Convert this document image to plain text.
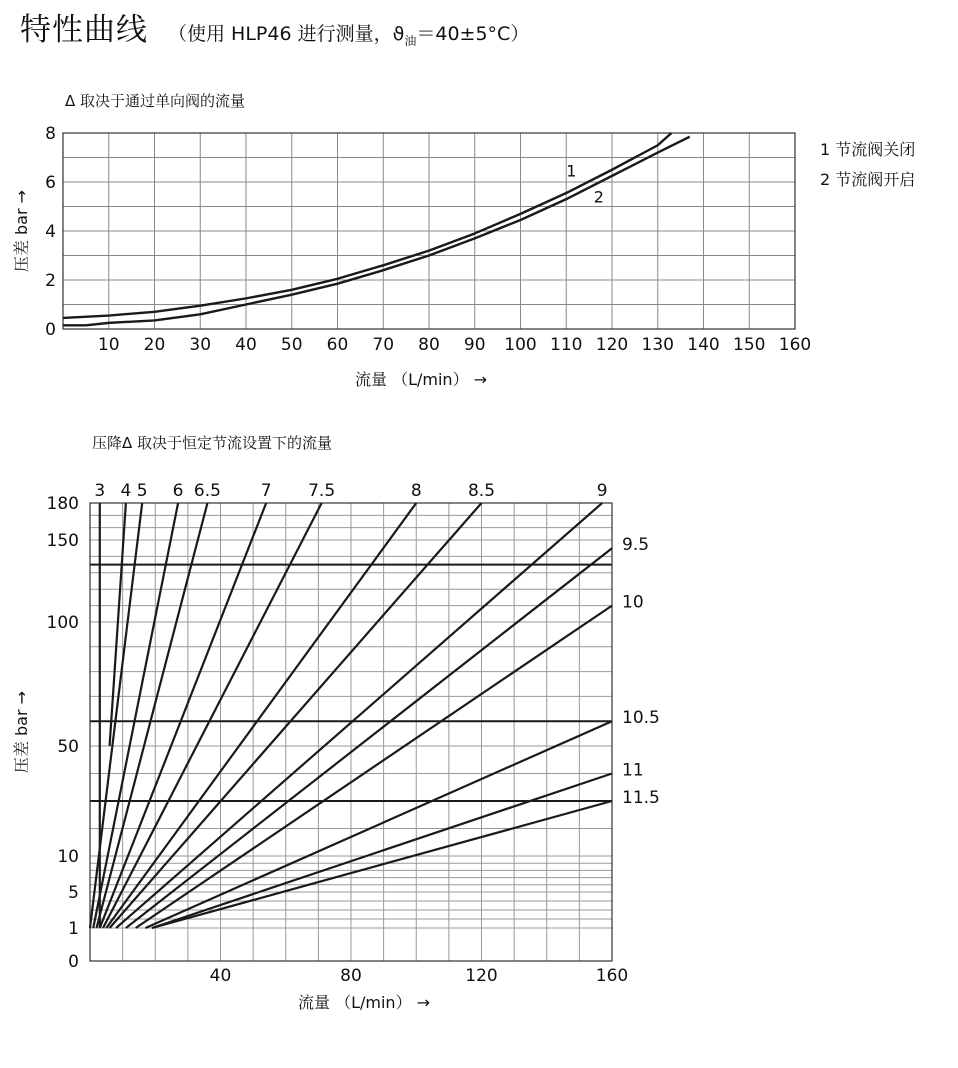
特性曲线 （使用 HLP46 进行测量，$ϑ_油=40\pm 5^\circ C$）
Δ 取决于通过单向阀的流量
流量 （L/min） →
压差 bar →
1 节流阀关闭
2 节流阀开启
10 20 30 40 50 60 70 80 90 100 110 120 130 140 150 160
0
2
4
6
8
1
2
压降Δ 取决于恒定节流设置下的流量
流量 （L/min） →
压差 bar →
40	80	120	160
0
1
5
10
50
100
150
180
3 4 5 6 6.5 7 7.5	8	8.5	9
9.5
10
10.5
11
11.5
